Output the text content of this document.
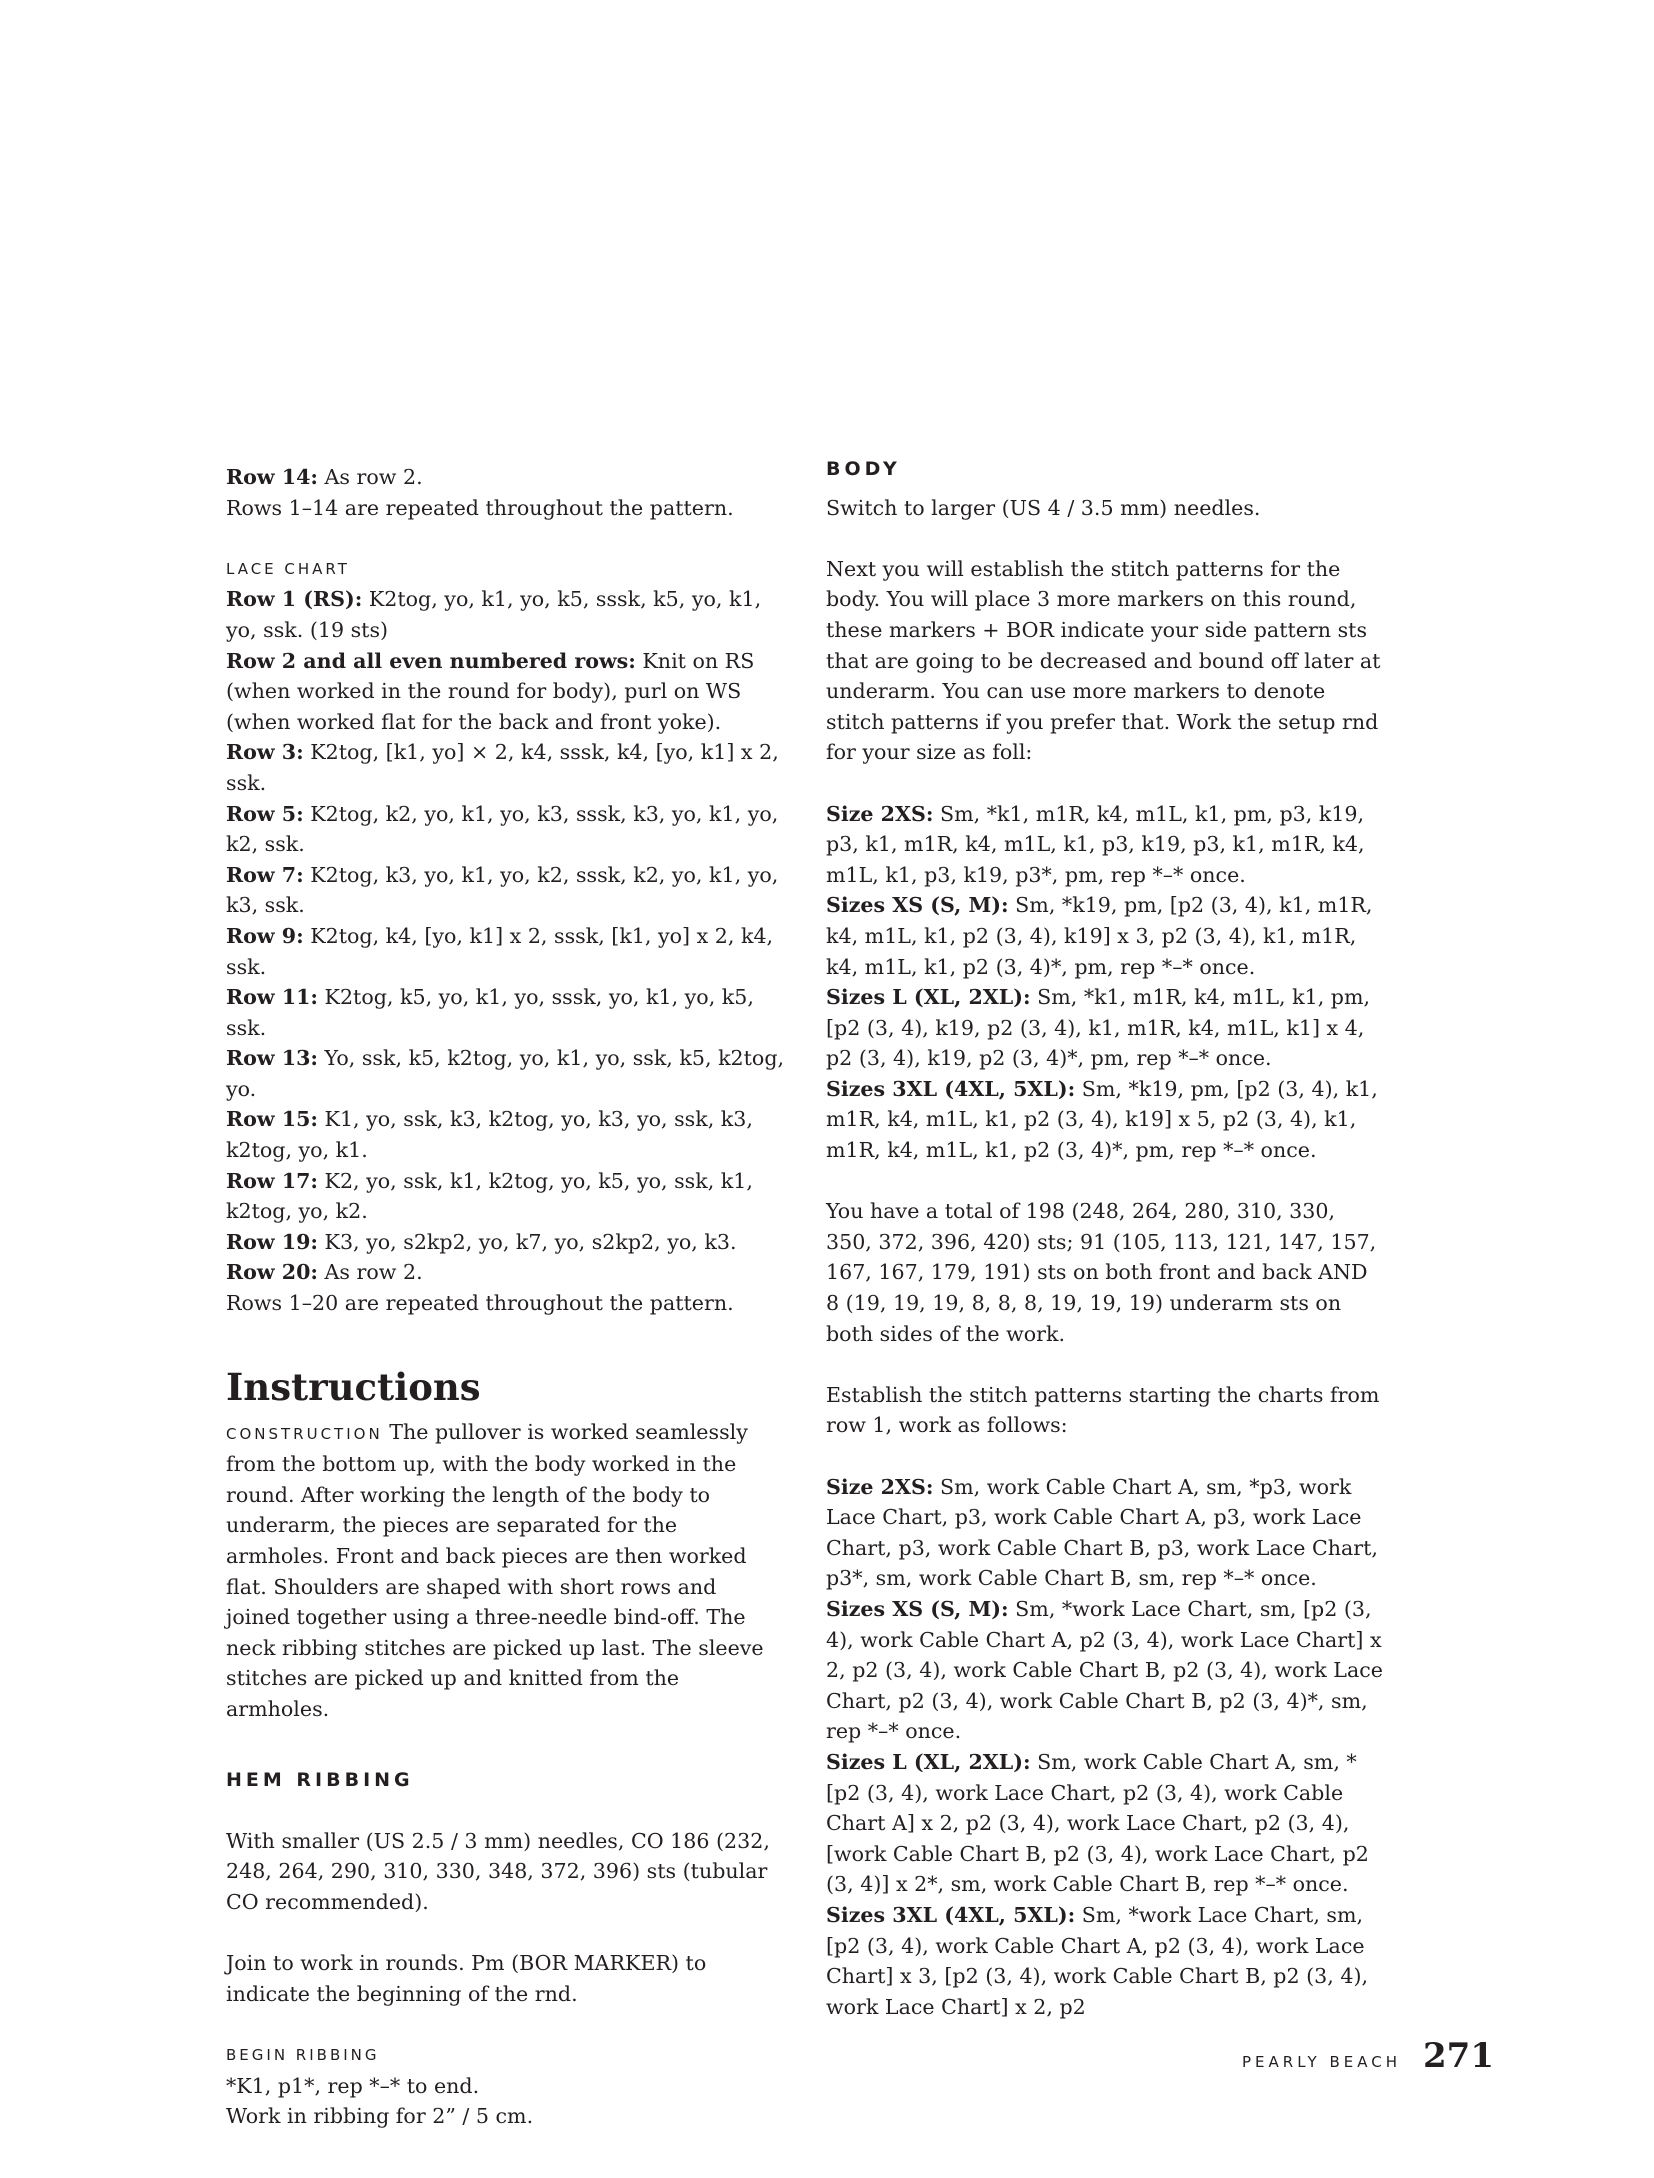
Row 14: As row 2.

Rows 1–14 are repeated throughout the pattern.

LACE CHART

Row 1 (RS): K2tog, yo, k1, yo, k5, sssk, k5, yo, k1, yo, ssk. (19 sts)

Row 2 and all even numbered rows: Knit on RS (when worked in the round for body), purl on WS (when worked flat for the back and front yoke).

Row 3: K2tog, [k1, yo] × 2, k4, sssk, k4, [yo, k1] x 2, ssk.

Row 5: K2tog, k2, yo, k1, yo, k3, sssk, k3, yo, k1, yo, k2, ssk.

Row 7: K2tog, k3, yo, k1, yo, k2, sssk, k2, yo, k1, yo, k3, ssk.

Row 9: K2tog, k4, [yo, k1] x 2, sssk, [k1, yo] x 2, k4, ssk.

Row 11: K2tog, k5, yo, k1, yo, sssk, yo, k1, yo, k5, ssk.

Row 13: Yo, ssk, k5, k2tog, yo, k1, yo, ssk, k5, k2tog, yo.

Row 15: K1, yo, ssk, k3, k2tog, yo, k3, yo, ssk, k3, k2tog, yo, k1.

Row 17: K2, yo, ssk, k1, k2tog, yo, k5, yo, ssk, k1, k2tog, yo, k2.

Row 19: K3, yo, s2kp2, yo, k7, yo, s2kp2, yo, k3.

Row 20: As row 2.

Rows 1–20 are repeated throughout the pattern.

Instructions

CONSTRUCTION The pullover is worked seamlessly from the bottom up, with the body worked in the round. After working the length of the body to underarm, the pieces are separated for the armholes. Front and back pieces are then worked flat. Shoulders are shaped with short rows and joined together using a three-needle bind-off. The neck ribbing stitches are picked up last. The sleeve stitches are picked up and knitted from the armholes.

HEM RIBBING

With smaller (US 2.5 / 3 mm) needles, CO 186 (232, 248, 264, 290, 310, 330, 348, 372, 396) sts (tubular CO recommended).

Join to work in rounds. Pm (BOR MARKER) to indicate the beginning of the rnd.

BEGIN RIBBING

*K1, p1*, rep *–* to end.

Work in ribbing for 2” / 5 cm.

BODY

Switch to larger (US 4 / 3.5 mm) needles.

Next you will establish the stitch patterns for the body. You will place 3 more markers on this round, these markers + BOR indicate your side pattern sts that are going to be decreased and bound off later at underarm. You can use more markers to denote stitch patterns if you prefer that. Work the setup rnd for your size as foll:

Size 2XS: Sm, *k1, m1R, k4, m1L, k1, pm, p3, k19, p3, k1, m1R, k4, m1L, k1, p3, k19, p3, k1, m1R, k4, m1L, k1, p3, k19, p3*, pm, rep *–* once.

Sizes XS (S, M): Sm, *k19, pm, [p2 (3, 4), k1, m1R, k4, m1L, k1, p2 (3, 4), k19] x 3, p2 (3, 4), k1, m1R, k4, m1L, k1, p2 (3, 4)*, pm, rep *–* once.

Sizes L (XL, 2XL): Sm, *k1, m1R, k4, m1L, k1, pm, [p2 (3, 4), k19, p2 (3, 4), k1, m1R, k4, m1L, k1] x 4, p2 (3, 4), k19, p2 (3, 4)*, pm, rep *–* once.

Sizes 3XL (4XL, 5XL): Sm, *k19, pm, [p2 (3, 4), k1, m1R, k4, m1L, k1, p2 (3, 4), k19] x 5, p2 (3, 4), k1, m1R, k4, m1L, k1, p2 (3, 4)*, pm, rep *–* once.

You have a total of 198 (248, 264, 280, 310, 330, 350, 372, 396, 420) sts; 91 (105, 113, 121, 147, 157, 167, 167, 179, 191) sts on both front and back AND 8 (19, 19, 19, 8, 8, 8, 19, 19, 19) underarm sts on both sides of the work.

Establish the stitch patterns starting the charts from row 1, work as follows:

Size 2XS: Sm, work Cable Chart A, sm, *p3, work Lace Chart, p3, work Cable Chart A, p3, work Lace Chart, p3, work Cable Chart B, p3, work Lace Chart, p3*, sm, work Cable Chart B, sm, rep *–* once.

Sizes XS (S, M): Sm, *work Lace Chart, sm, [p2 (3, 4), work Cable Chart A, p2 (3, 4), work Lace Chart] x 2, p2 (3, 4), work Cable Chart B, p2 (3, 4), work Lace Chart, p2 (3, 4), work Cable Chart B, p2 (3, 4)*, sm, rep *–* once.

Sizes L (XL, 2XL): Sm, work Cable Chart A, sm, *[p2 (3, 4), work Lace Chart, p2 (3, 4), work Cable Chart A] x 2, p2 (3, 4), work Lace Chart, p2 (3, 4), [work Cable Chart B, p2 (3, 4), work Lace Chart, p2 (3, 4)] x 2*, sm, work Cable Chart B, rep *–* once.

Sizes 3XL (4XL, 5XL): Sm, *work Lace Chart, sm, [p2 (3, 4), work Cable Chart A, p2 (3, 4), work Lace Chart] x 3, [p2 (3, 4), work Cable Chart B, p2 (3, 4), work Lace Chart] x 2, p2

PEARLY BEACH 271
